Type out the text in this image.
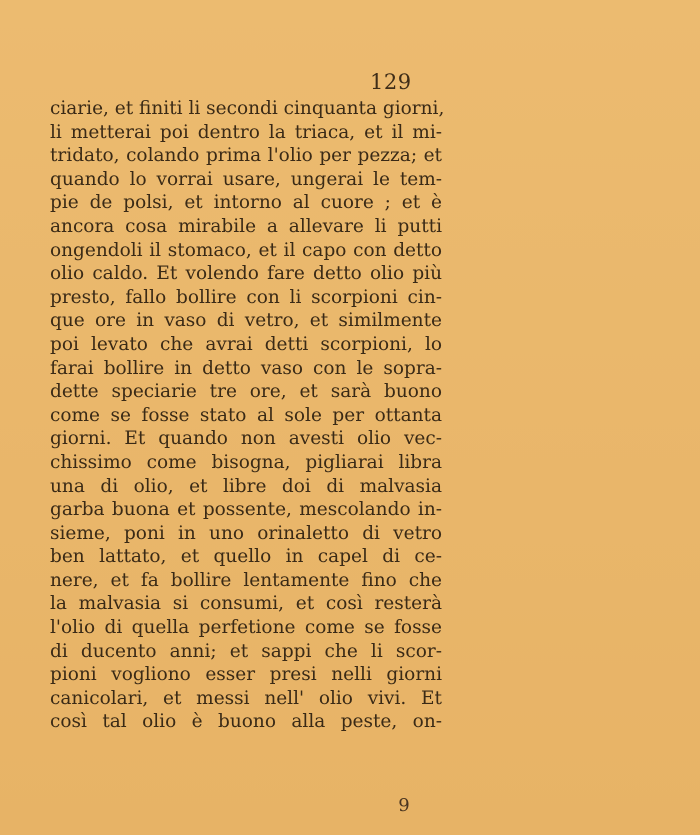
129
ciarie, et finiti li secondi cinquanta giorni,
li metterai poi dentro la triaca, et il mi-
tridato, colando prima l'olio per pezza; et
quando lo vorrai usare, ungerai le tem-
pie de polsi, et intorno al cuore ; et è
ancora cosa mirabile a allevare li putti
ongendoli il stomaco, et il capo con detto
olio caldo. Et volendo fare detto olio più
presto, fallo bollire con li scorpioni cin-
que ore in vaso di vetro, et similmente
poi levato che avrai detti scorpioni, lo
farai bollire in detto vaso con le sopra-
dette speciarie tre ore, et sarà buono
come se fosse stato al sole per ottanta
giorni. Et quando non avesti olio vec-
chissimo come bisogna, pigliarai libra
una di olio, et libre doi di malvasia
garba buona et possente, mescolando in-
sieme, poni in uno orinaletto di vetro
ben lattato, et quello in capel di ce-
nere, et fa bollire lentamente fino che
la malvasia si consumi, et così resterà
l'olio di quella perfetione come se fosse
di ducento anni; et sappi che li scor-
pioni vogliono esser presi nelli giorni
canicolari, et messi nell' olio vivi. Et
così tal olio è buono alla peste, on-
9
